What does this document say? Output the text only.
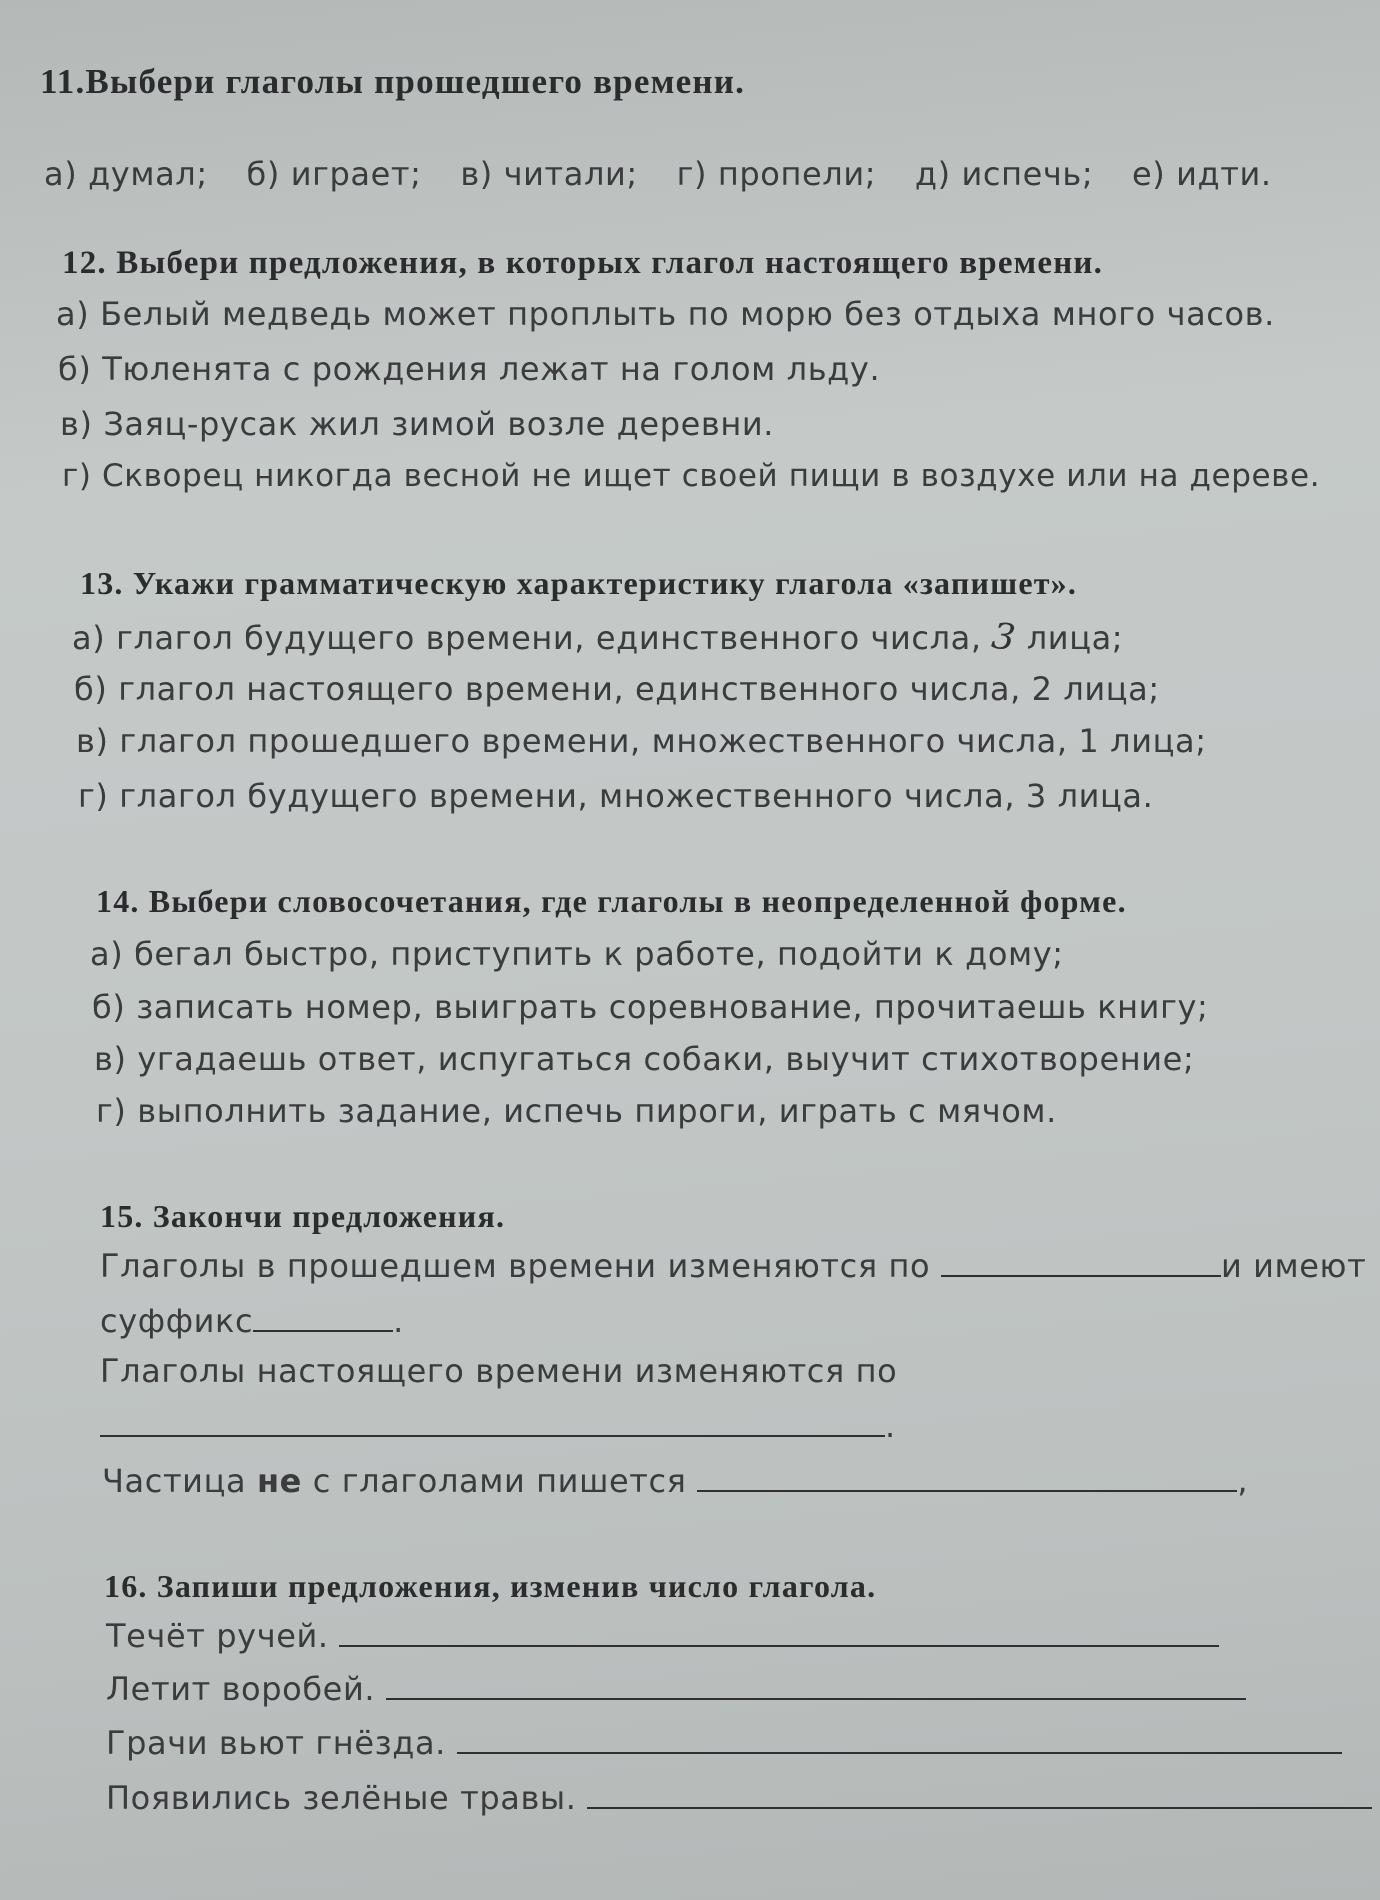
11.Выбери глаголы прошедшего времени.
а) думал; б) играет; в) читали; г) пропели; д) испечь; е) идти.
12. Выбери предложения, в которых глагол настоящего времени.
а) Белый медведь может проплыть по морю без отдыха много часов.
б) Тюленята с рождения лежат на голом льду.
в) Заяц-русак жил зимой возле деревни.
г) Скворец никогда весной не ищет своей пищи в воздухе или на дереве.
13. Укажи грамматическую характеристику глагола «запишет».
а) глагол будущего времени, единственного числа, 3 лица;
б) глагол настоящего времени, единственного числа, 2 лица;
в) глагол прошедшего времени, множественного числа, 1 лица;
г) глагол будущего времени, множественного числа, 3 лица.
14. Выбери словосочетания, где глаголы в неопределенной форме.
а) бегал быстро, приступить к работе, подойти к дому;
б) записать номер, выиграть соревнование, прочитаешь книгу;
в) угадаешь ответ, испугаться собаки, выучит стихотворение;
г) выполнить задание, испечь пироги, играть с мячом.
15. Закончи предложения.
Глаголы в прошедшем времени изменяются по	и имеют
суффикс	.
Глаголы настоящего времени изменяются по
.
Частица не с глаголами пишется	,
16. Запиши предложения, изменив число глагола.
Течёт ручей.
Летит воробей.
Грачи вьют гнёзда.
Появились зелёные травы.
